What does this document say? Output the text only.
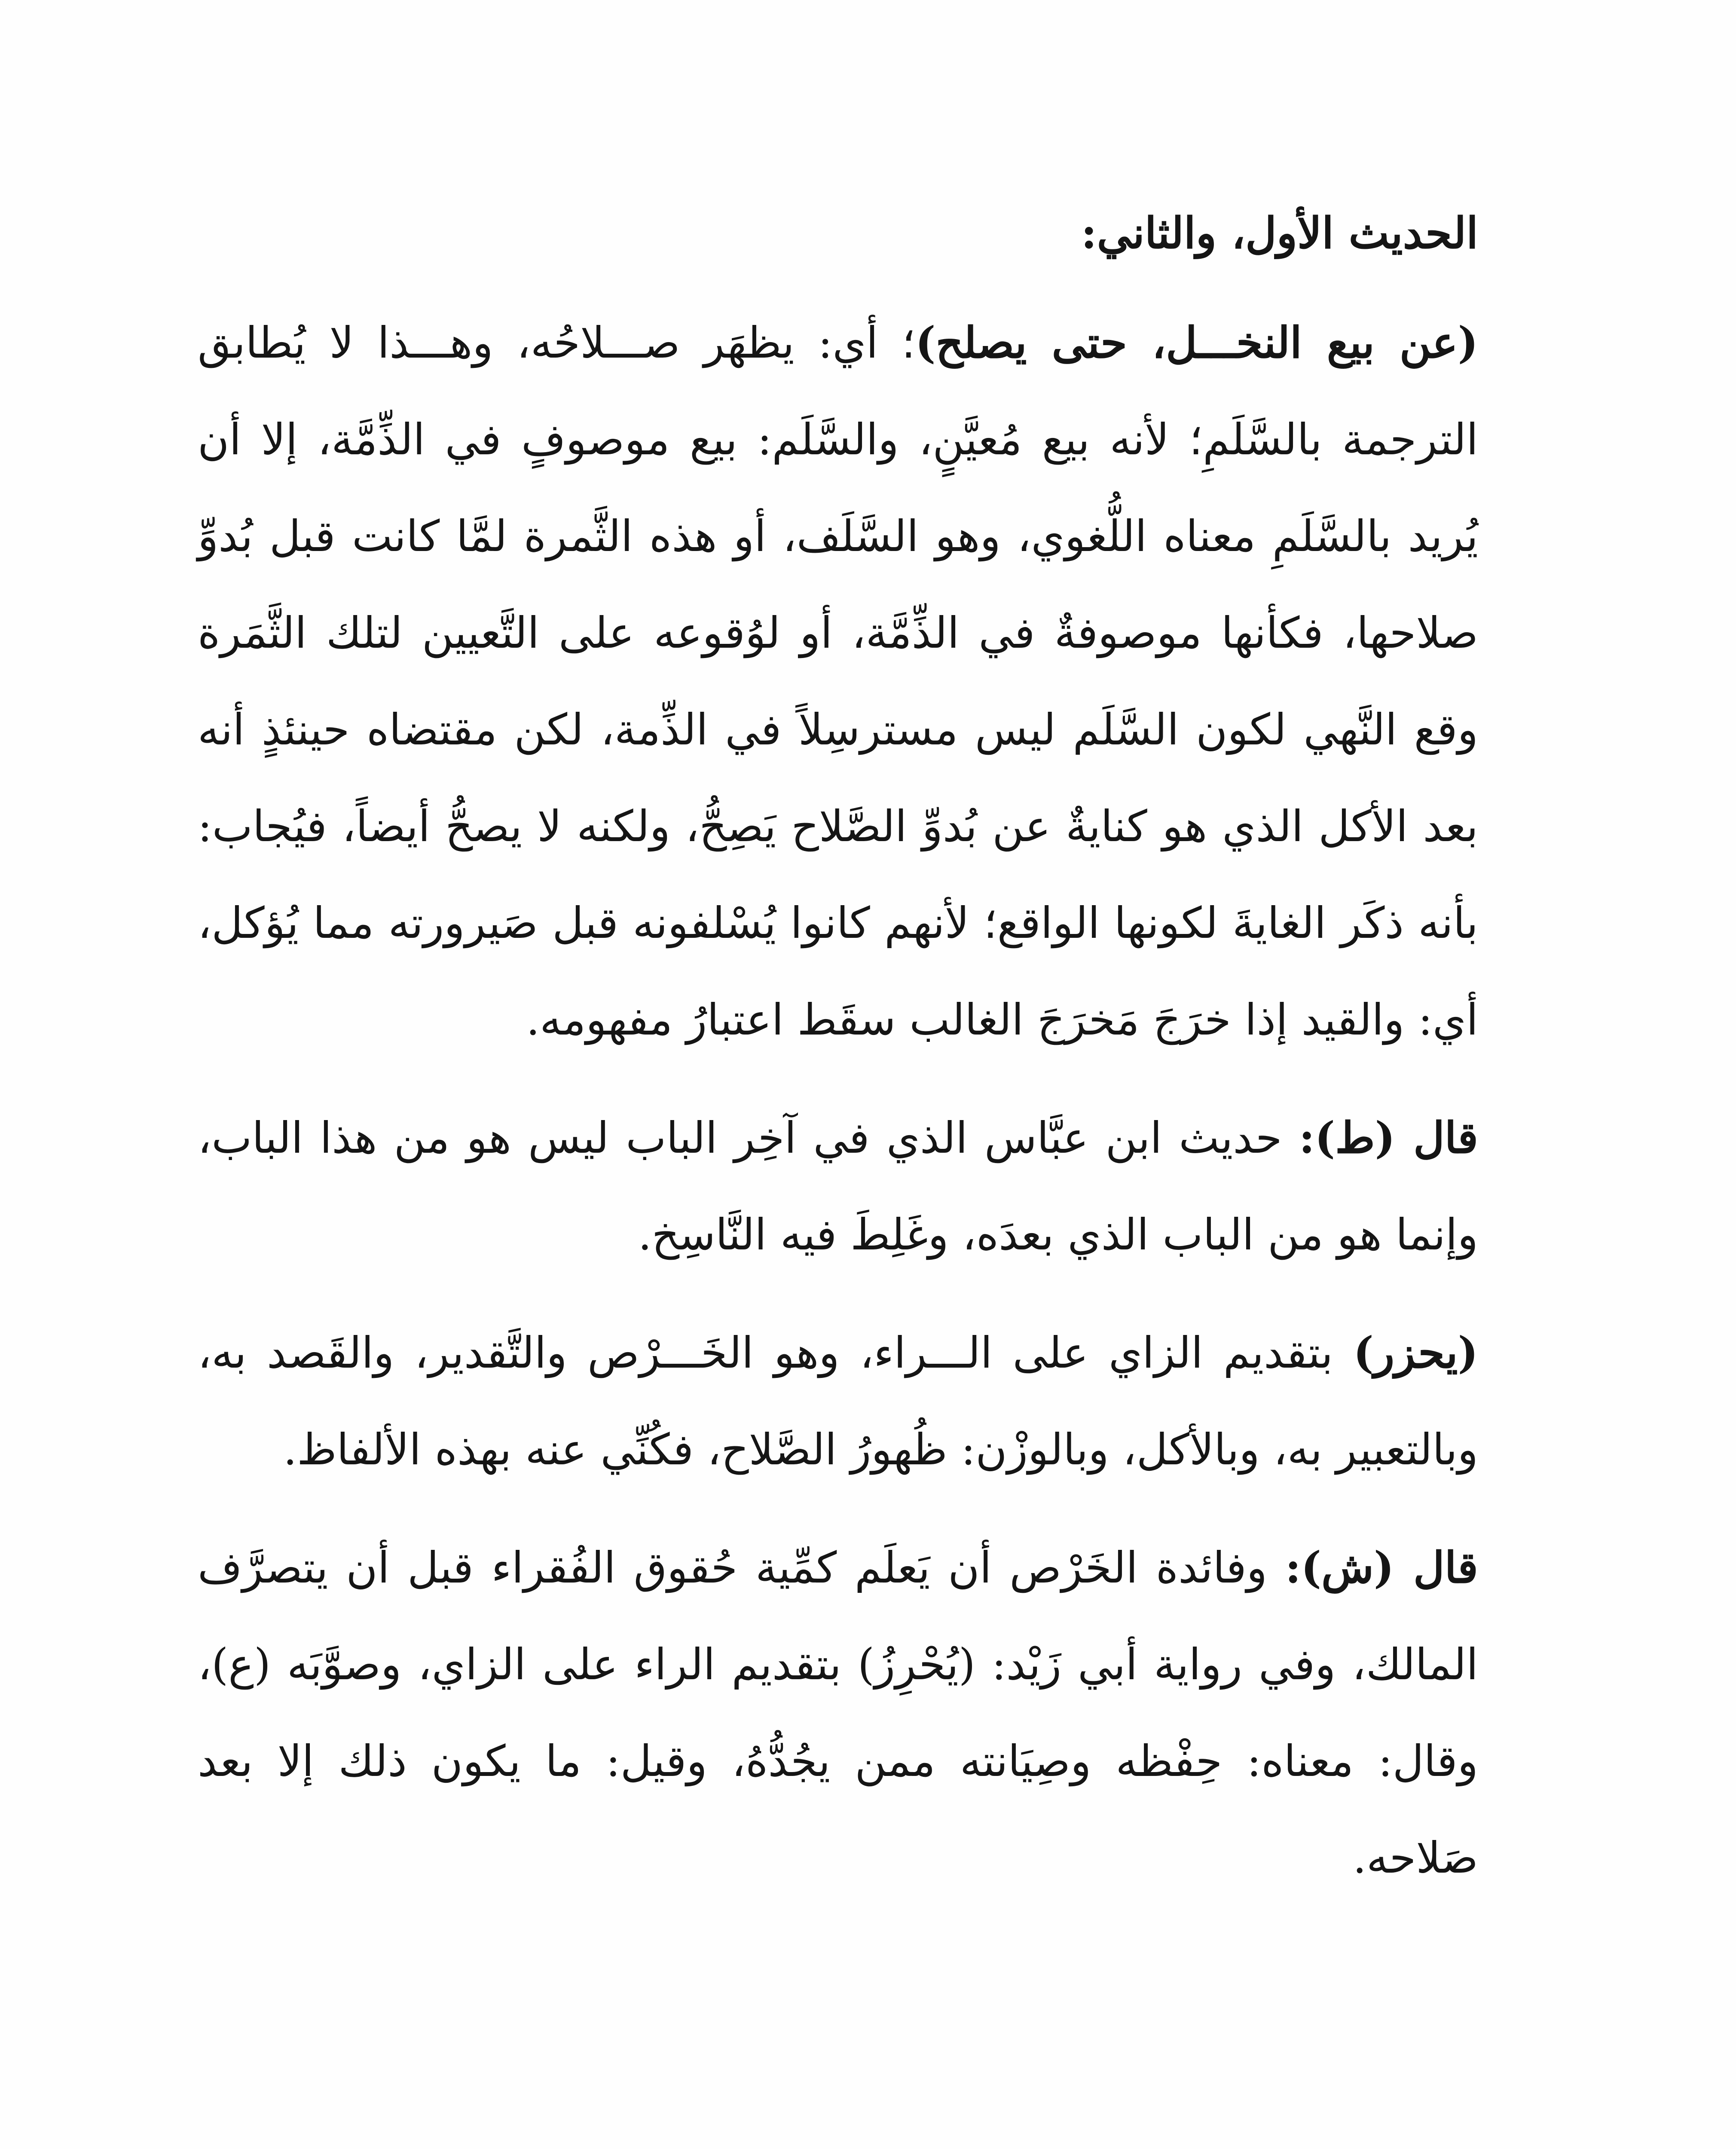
الحديث الأول، والثاني:

(عن بيع النخـــل، حتى يصلح)؛ أي: يظهَر صـــلاحُه، وهـــذا لا يُطابق الترجمة بالسَّلَمِ؛ لأنه بيع مُعيَّنٍ، والسَّلَم: بيع موصوفٍ في الذِّمَّة، إلا أن يُريد بالسَّلَمِ معناه اللُّغوي، وهو السَّلَف، أو هذه الثَّمرة لمَّا كانت قبل بُدوِّ صلاحها، فكأنها موصوفةٌ في الذِّمَّة، أو لوُقوعه على التَّعيين لتلك الثَّمَرة وقع النَّهي لكون السَّلَم ليس مسترسِلاً في الذِّمة، لكن مقتضاه حينئذٍ أنه بعد الأكل الذي هو كنايةٌ عن بُدوِّ الصَّلاح يَصِحُّ، ولكنه لا يصحُّ أيضاً، فيُجاب: بأنه ذكَر الغايةَ لكونها الواقع؛ لأنهم كانوا يُسْلفونه قبل صَيرورته مما يُؤكل، أي: والقيد إذا خرَجَ مَخرَجَ الغالب سقَط اعتبارُ مفهومه.

قال (ط): حديث ابن عبَّاس الذي في آخِر الباب ليس هو من هذا الباب، وإنما هو من الباب الذي بعدَه، وغَلِطَ فيه النَّاسِخ.

(يحزر) بتقديم الزاي على الـــراء، وهو الخَـــرْص والتَّقدير، والقَصد به، وبالتعبير به، وبالأكل، وبالوزْن: ظُهورُ الصَّلاح، فكُنِّي عنه بهذه الألفاظ.

قال (ش): وفائدة الخَرْص أن يَعلَم كمِّية حُقوق الفُقراء قبل أن يتصرَّف المالك، وفي رواية أبي زَيْد: (يُحْرِزُ) بتقديم الراء على الزاي، وصوَّبَه (ع)، وقال: معناه: حِفْظه وصِيَانته ممن يجُدُّهُ، وقيل: ما يكون ذلك إلا بعد صَلاحه.
